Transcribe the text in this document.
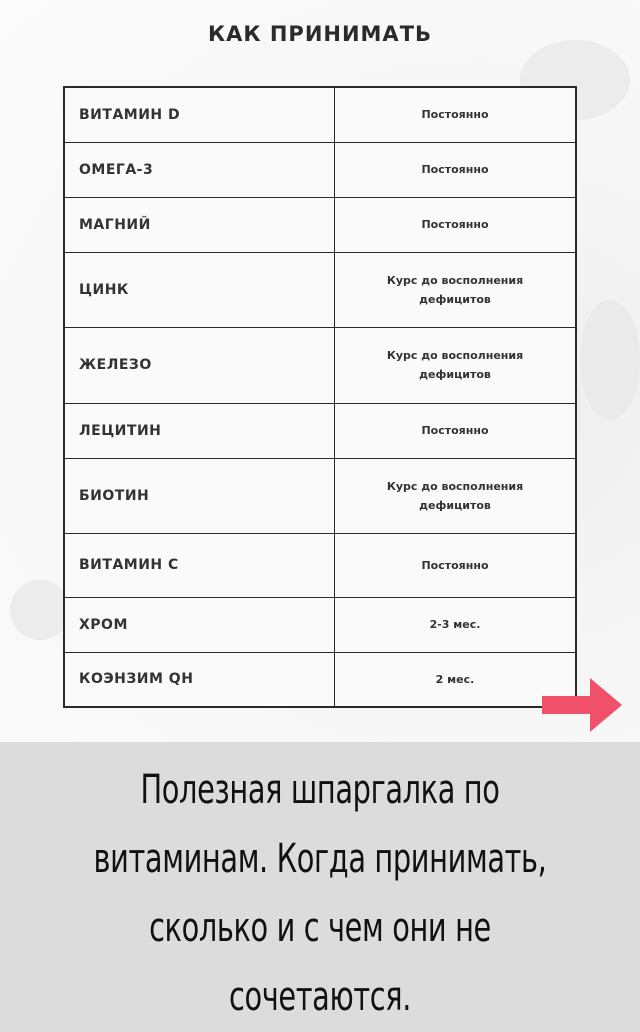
КАК ПРИНИМАТЬ
ВИТАМИН D	Постоянно
ОМЕГА-3	Постоянно
МАГНИЙ	Постоянно
ЦИНК	Курс до восполнения
дефицитов
ЖЕЛЕЗО	Курс до восполнения
дефицитов
ЛЕЦИТИН	Постоянно
БИОТИН	Курс до восполнения
дефицитов
ВИТАМИН С	Постоянно
ХРОМ	2-3 мес.
КОЭНЗИМ QН	2 мес.
Полезная шпаргалка по
витаминам. Когда принимать,
сколько и с чем они не
сочетаются.
